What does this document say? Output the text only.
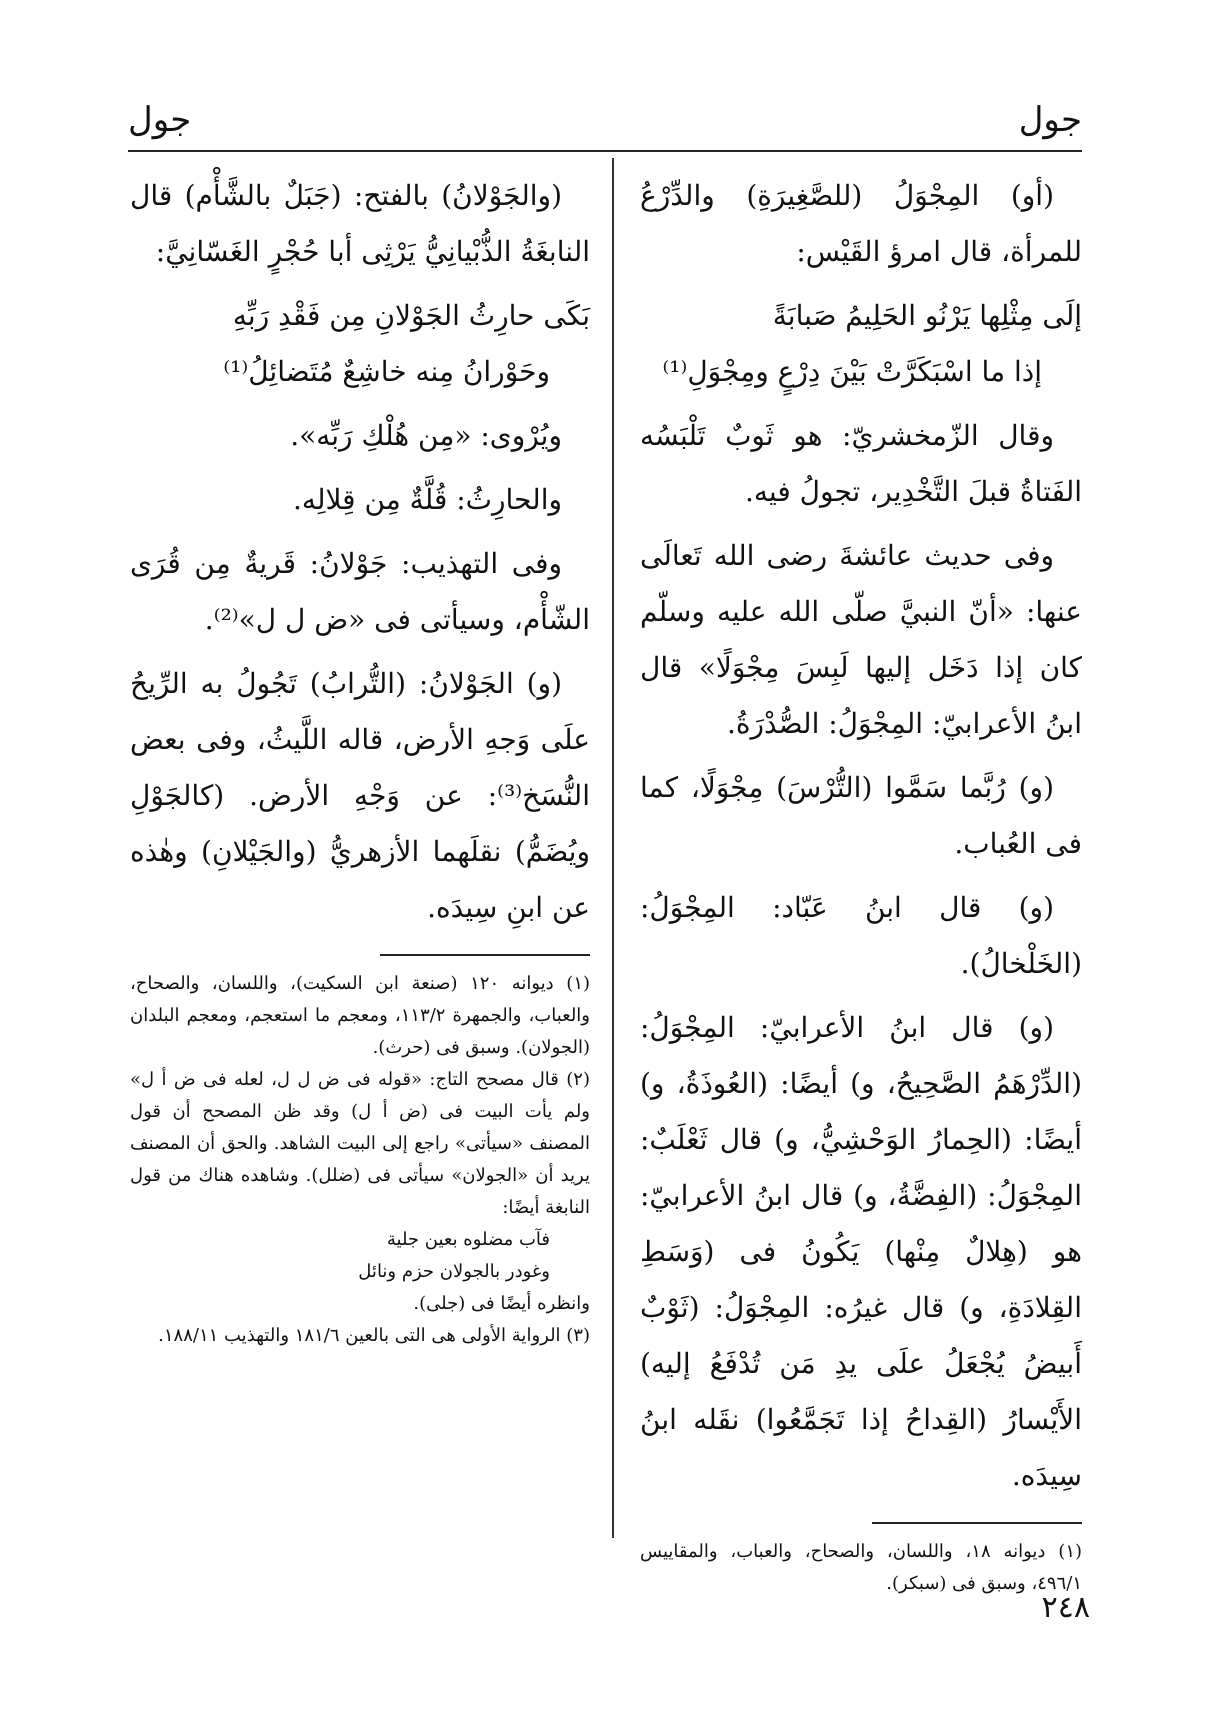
جول
جول

(أو) المِجْوَلُ (للصَّغِيرَةِ) والدِّرْعُ للمرأة، قال امرؤ القَيْس:

إلَى مِثْلِها يَرْنُو الحَلِيمُ صَبابَةً

إذا ما اسْبَكَرَّتْ بَيْنَ دِرْعٍ ومِجْوَلِ⁽¹⁾

وقال الزّمخشريّ: هو ثَوبٌ تَلْبَسُه الفَتاةُ قبلَ التَّخْدِير، تجولُ فيه.

وفى حديث عائشةَ رضى الله تَعالَى عنها: «أنّ النبيَّ صلّى الله عليه وسلّم كان إذا دَخَل إليها لَبِسَ مِجْوَلًا» قال ابنُ الأعرابيّ: المِجْوَلُ: الصُّدْرَةُ.

(و) رُبَّما سَمَّوا (التُّرْسَ) مِجْوَلًا، كما فى العُباب.

(و) قال ابنُ عَبّاد: المِجْوَلُ: (الخَلْخالُ).

(و) قال ابنُ الأعرابيّ: المِجْوَلُ: (الدِّرْهَمُ الصَّحِيحُ، و) أيضًا: (العُوذَةُ، و) أيضًا: (الحِمارُ الوَحْشِيُّ، و) قال ثَعْلَبٌ: المِجْوَلُ: (الفِضَّةُ، و) قال ابنُ الأعرابيّ: هو (هِلالٌ مِنْها) يَكُونُ فى (وَسَطِ القِلادَةِ، و) قال غيرُه: المِجْوَلُ: (ثَوْبٌ أَبيضُ يُجْعَلُ علَى يدِ مَن تُدْفَعُ إليه) الأَيْسارُ (القِداحُ إذا تَجَمَّعُوا) نقَله ابنُ سِيدَه.

(١) ديوانه ١٨، واللسان، والصحاح، والعباب، والمقاييس ٤٩٦/١، وسبق فى (سبكر).

(والجَوْلانُ) بالفتح: (جَبَلٌ بالشَّأْم) قال النابغَةُ الذُّبْيانِيُّ يَرْثِى أبا حُجْرٍ الغَسّانِيَّ:

بَكَى حارِثُ الجَوْلانِ مِن فَقْدِ رَبِّهِ

وحَوْرانُ مِنه خاشِعٌ مُتَضائِلُ⁽¹⁾

ويُرْوى: «مِن هُلْكِ رَبِّه».

والحارِثُ: قُلَّةٌ مِن قِلالِه.

وفى التهذيب: جَوْلانُ: قَريةٌ مِن قُرَى الشّأْم، وسيأتى فى «ض ل ل»⁽²⁾.

(و) الجَوْلانُ: (التُّرابُ) تَجُولُ به الرِّيحُ علَى وَجهِ الأرض، قاله اللَّيثُ، وفى بعض النُّسَخ⁽³⁾: عن وَجْهِ الأرض. (كالجَوْلِ ويُضَمُّ) نقلَهما الأزهريُّ (والجَيْلانِ) وهٰذه عن ابنِ سِيدَه.

(١) ديوانه ١٢٠ (صنعة ابن السكيت)، واللسان، والصحاح، والعباب، والجمهرة ١١٣/٢، ومعجم ما استعجم، ومعجم البلدان (الجولان). وسبق فى (حرث).

(٢) قال مصحح التاج: «قوله فى ض ل ل، لعله فى ض أ ل» ولم يأت البيت فى (ض أ ل) وقد ظن المصحح أن قول المصنف «سيأتى» راجع إلى البيت الشاهد. والحق أن المصنف يريد أن «الجولان» سيأتى فى (ضلل). وشاهده هناك من قول النابغة أيضًا:

فآب مضلوه بعين جلية

وغودر بالجولان حزم ونائل

وانظره أيضًا فى (جلى).

(٣) الرواية الأولى هى التى بالعين ١٨١/٦ والتهذيب ١٨٨/١١.

٢٤٨
